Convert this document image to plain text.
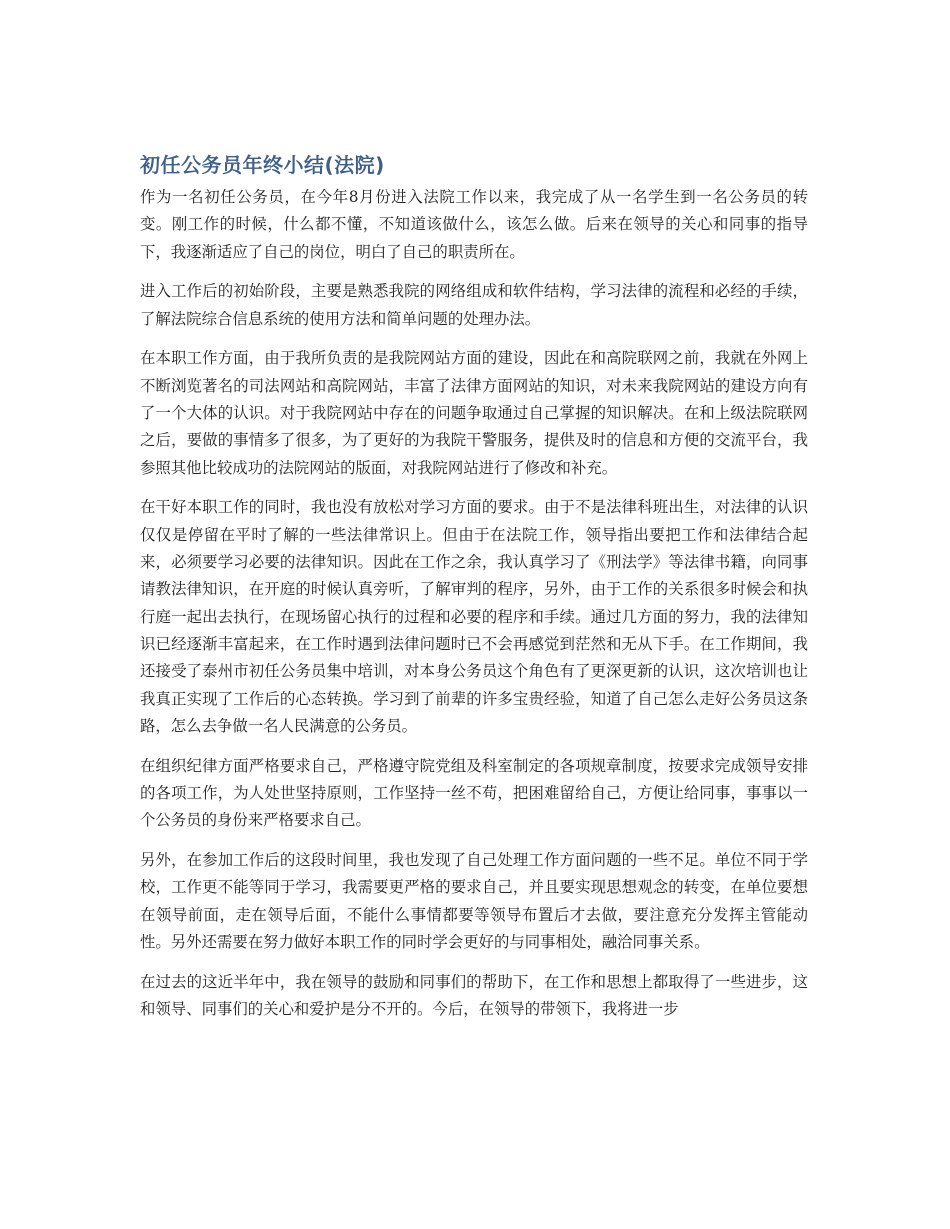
初任公务员年终小结(法院)

作为一名初任公务员，在今年8月份进入法院工作以来，我完成了从一名学生到一名公务员的转变。刚工作的时候，什么都不懂，不知道该做什么，该怎么做。后来在领导的关心和同事的指导下，我逐渐适应了自己的岗位，明白了自己的职责所在。

进入工作后的初始阶段，主要是熟悉我院的网络组成和软件结构，学习法律的流程和必经的手续，了解法院综合信息系统的使用方法和简单问题的处理办法。

在本职工作方面，由于我所负责的是我院网站方面的建设，因此在和高院联网之前，我就在外网上不断浏览著名的司法网站和高院网站，丰富了法律方面网站的知识，对未来我院网站的建设方向有了一个大体的认识。对于我院网站中存在的问题争取通过自己掌握的知识解决。在和上级法院联网之后，要做的事情多了很多，为了更好的为我院干警服务，提供及时的信息和方便的交流平台，我参照其他比较成功的法院网站的版面，对我院网站进行了修改和补充。

在干好本职工作的同时，我也没有放松对学习方面的要求。由于不是法律科班出生，对法律的认识仅仅是停留在平时了解的一些法律常识上。但由于在法院工作，领导指出要把工作和法律结合起来，必须要学习必要的法律知识。因此在工作之余，我认真学习了《刑法学》等法律书籍，向同事请教法律知识，在开庭的时候认真旁听，了解审判的程序，另外，由于工作的关系很多时候会和执行庭一起出去执行，在现场留心执行的过程和必要的程序和手续。通过几方面的努力，我的法律知识已经逐渐丰富起来，在工作时遇到法律问题时已不会再感觉到茫然和无从下手。在工作期间，我还接受了泰州市初任公务员集中培训，对本身公务员这个角色有了更深更新的认识，这次培训也让我真正实现了工作后的心态转换。学习到了前辈的许多宝贵经验，知道了自己怎么走好公务员这条路，怎么去争做一名人民满意的公务员。

在组织纪律方面严格要求自己，严格遵守院党组及科室制定的各项规章制度，按要求完成领导安排的各项工作，为人处世坚持原则，工作坚持一丝不苟，把困难留给自己，方便让给同事，事事以一个公务员的身份来严格要求自己。

另外，在参加工作后的这段时间里，我也发现了自己处理工作方面问题的一些不足。单位不同于学校，工作更不能等同于学习，我需要更严格的要求自己，并且要实现思想观念的转变，在单位要想在领导前面，走在领导后面，不能什么事情都要等领导布置后才去做，要注意充分发挥主管能动性。另外还需要在努力做好本职工作的同时学会更好的与同事相处，融洽同事关系。

在过去的这近半年中，我在领导的鼓励和同事们的帮助下，在工作和思想上都取得了一些进步，这和领导、同事们的关心和爱护是分不开的。今后，在领导的带领下，我将进一步
